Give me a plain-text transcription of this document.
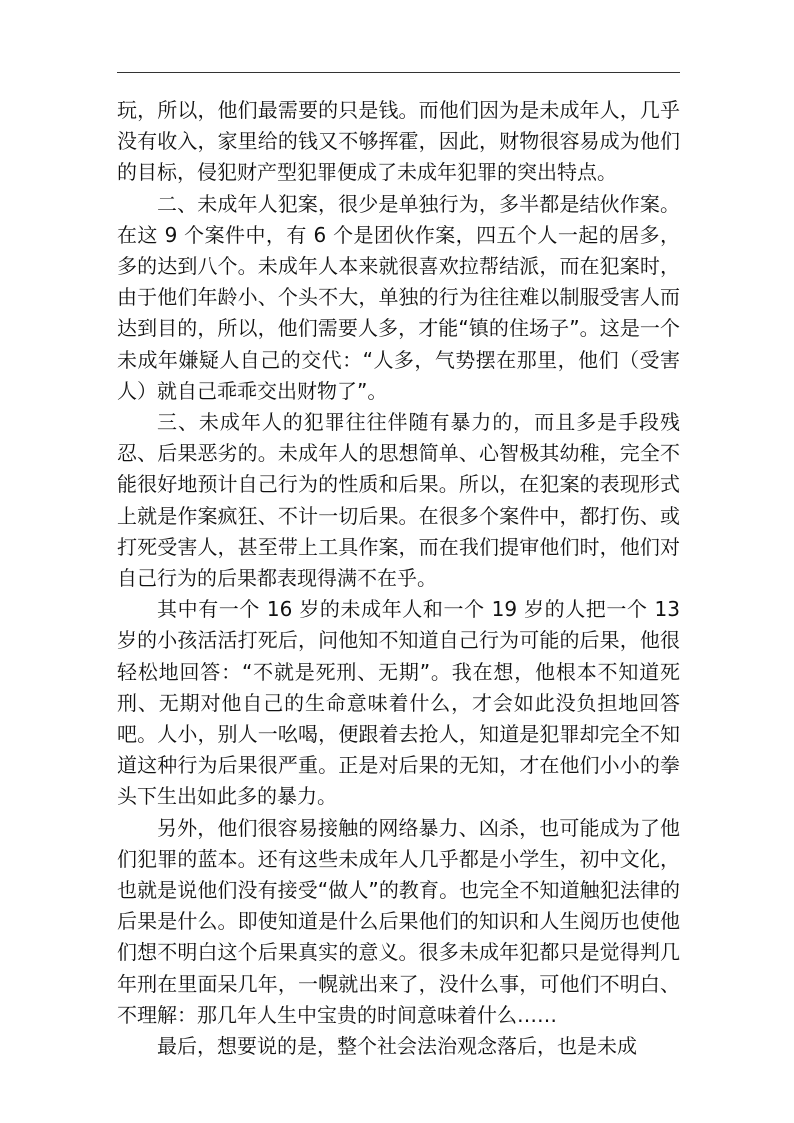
玩，所以，他们最需要的只是钱。而他们因为是未成年人，几乎没有收入，家里给的钱又不够挥霍，因此，财物很容易成为他们的目标，侵犯财产型犯罪便成了未成年犯罪的突出特点。

二、未成年人犯案，很少是单独行为，多半都是结伙作案。在这 9 个案件中，有 6 个是团伙作案，四五个人一起的居多，多的达到八个。未成年人本来就很喜欢拉帮结派，而在犯案时，由于他们年龄小、个头不大，单独的行为往往难以制服受害人而达到目的，所以，他们需要人多，才能“镇的住场子”。这是一个未成年嫌疑人自己的交代：“人多，气势摆在那里，他们（受害人）就自己乖乖交出财物了”。

三、未成年人的犯罪往往伴随有暴力的，而且多是手段残忍、后果恶劣的。未成年人的思想简单、心智极其幼稚，完全不能很好地预计自己行为的性质和后果。所以，在犯案的表现形式上就是作案疯狂、不计一切后果。在很多个案件中，都打伤、或打死受害人，甚至带上工具作案，而在我们提审他们时，他们对自己行为的后果都表现得满不在乎。

其中有一个 16 岁的未成年人和一个 19 岁的人把一个 13 岁的小孩活活打死后，问他知不知道自己行为可能的后果，他很轻松地回答：“不就是死刑、无期”。我在想，他根本不知道死刑、无期对他自己的生命意味着什么，才会如此没负担地回答吧。人小，别人一吆喝，便跟着去抢人，知道是犯罪却完全不知道这种行为后果很严重。正是对后果的无知，才在他们小小的拳头下生出如此多的暴力。

另外，他们很容易接触的网络暴力、凶杀，也可能成为了他们犯罪的蓝本。还有这些未成年人几乎都是小学生，初中文化，也就是说他们没有接受“做人”的教育。也完全不知道触犯法律的后果是什么。即使知道是什么后果他们的知识和人生阅历也使他们想不明白这个后果真实的意义。很多未成年犯都只是觉得判几年刑在里面呆几年，一幌就出来了，没什么事，可他们不明白、不理解：那几年人生中宝贵的时间意味着什么……

最后，想要说的是，整个社会法治观念落后，也是未成
